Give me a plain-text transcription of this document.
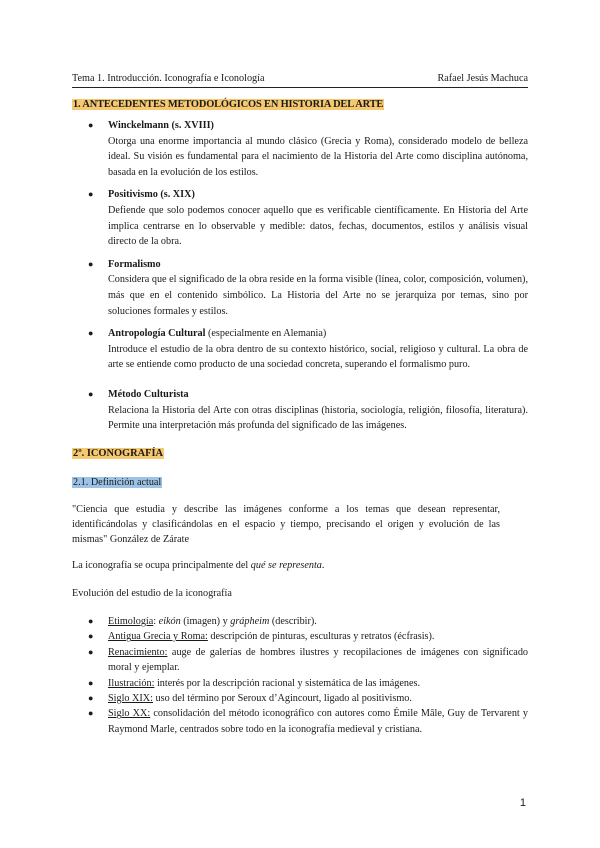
Tema 1. Introducción. Iconografía e Iconología	Rafael Jesús Machuca
1. ANTECEDENTES METODOLÓGICOS EN HISTORIA DEL ARTE
● Winckelmann (s. XVIII)
Otorga una enorme importancia al mundo clásico (Grecia y Roma), considerado modelo de belleza ideal. Su visión es fundamental para el nacimiento de la Historia del Arte como disciplina autónoma, basada en la evolución de los estilos.
● Positivismo (s. XIX)
Defiende que solo podemos conocer aquello que es verificable científicamente. En Historia del Arte implica centrarse en lo observable y medible: datos, fechas, documentos, estilos y análisis visual directo de la obra.
● Formalismo
Considera que el significado de la obra reside en la forma visible (línea, color, composición, volumen), más que en el contenido simbólico. La Historia del Arte no se jerarquiza por temas, sino por soluciones formales y estilos.
● Antropología Cultural (especialmente en Alemania)
Introduce el estudio de la obra dentro de su contexto histórico, social, religioso y cultural. La obra de arte se entiende como producto de una sociedad concreta, superando el formalismo puro.
● Método Culturista
Relaciona la Historia del Arte con otras disciplinas (historia, sociología, religión, filosofía, literatura). Permite una interpretación más profunda del significado de las imágenes.
2º. ICONOGRAFÍA
2.1. Definición actual
"Ciencia que estudia y describe las imágenes conforme a los temas que desean representar, identificándolas y clasificándolas en el espacio y tiempo, precisando el origen y evolución de las mismas" González de Zárate
La iconografía se ocupa principalmente del qué se representa.
Evolución del estudio de la iconografía
● Etimología: eikón (imagen) y grápheim (describir).
● Antigua Grecia y Roma: descripción de pinturas, esculturas y retratos (écfrasis).
● Renacimiento: auge de galerías de hombres ilustres y recopilaciones de imágenes con significado moral y ejemplar.
● Ilustración: interés por la descripción racional y sistemática de las imágenes.
● Siglo XIX: uso del término por Seroux d’Agincourt, ligado al positivismo.
● Siglo XX: consolidación del método iconográfico con autores como Émile Mâle, Guy de Tervarent y Raymond Marle, centrados sobre todo en la iconografía medieval y cristiana.
1
